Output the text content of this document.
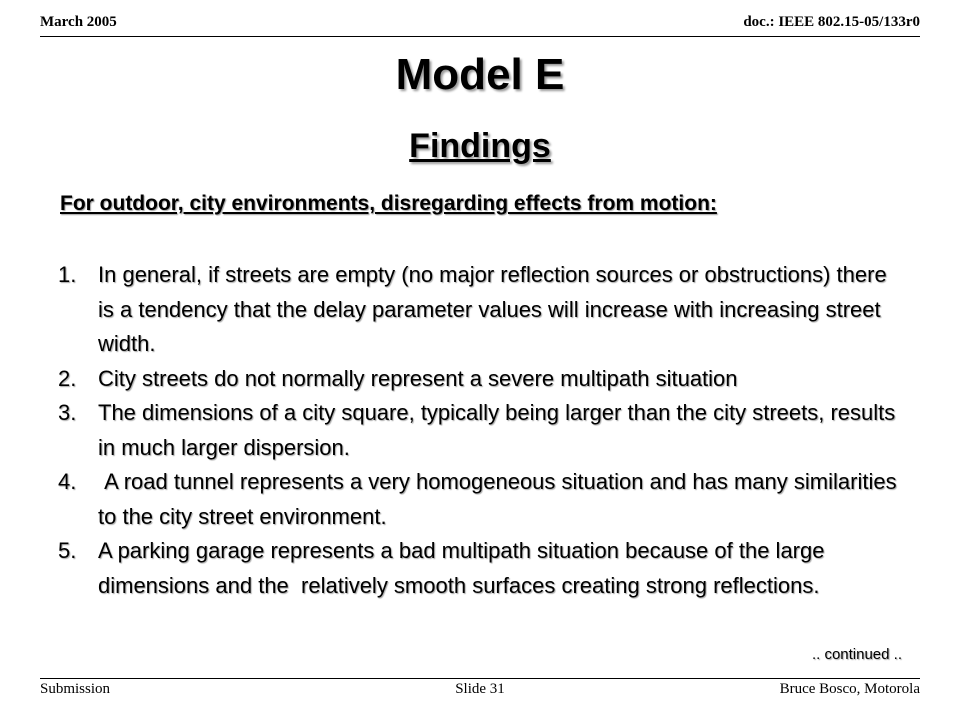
March 2005	doc.: IEEE 802.15-05/133r0
Model E
Findings
For outdoor, city environments, disregarding effects from motion:
1. In general, if streets are empty (no major reflection sources or obstructions) there is a tendency that the delay parameter values will increase with increasing street width.
2. City streets do not normally represent a severe multipath situation
3. The dimensions of a city square, typically being larger than the city streets, results in much larger dispersion.
4. A road tunnel represents a very homogeneous situation and has many similarities to the city street environment.
5. A parking garage represents a bad multipath situation because of the large dimensions and the  relatively smooth surfaces creating strong reflections.
.. continued ..
Submission	Slide 31	Bruce Bosco, Motorola
